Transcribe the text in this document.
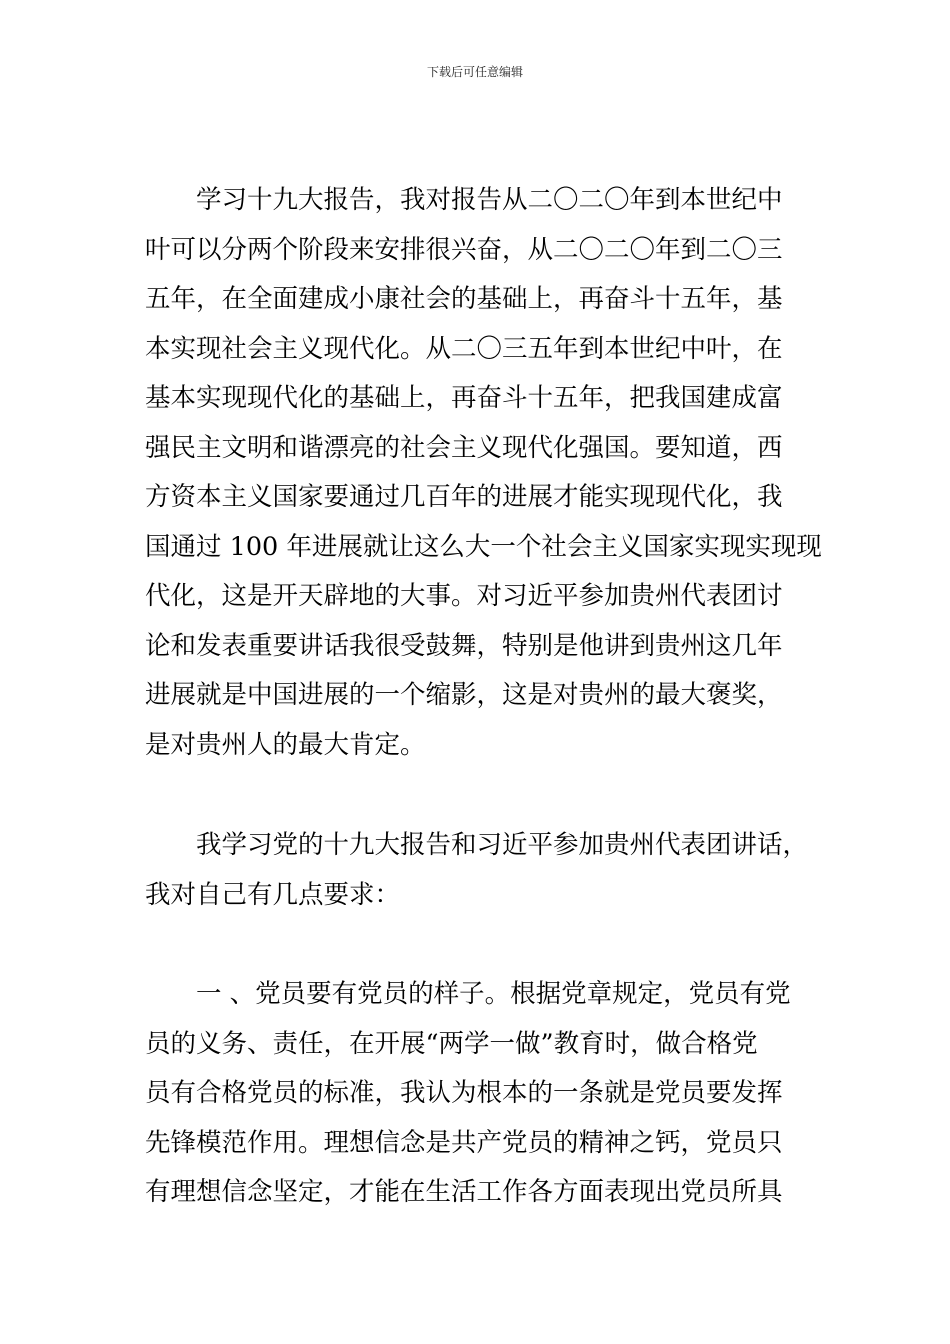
下载后可任意编辑
学习十九大报告，我对报告从二〇二〇年到本世纪中
叶可以分两个阶段来安排很兴奋，从二〇二〇年到二〇三
五年，在全面建成小康社会的基础上，再奋斗十五年，基
本实现社会主义现代化。从二〇三五年到本世纪中叶，在
基本实现现代化的基础上，再奋斗十五年，把我国建成富
强民主文明和谐漂亮的社会主义现代化强国。要知道，西
方资本主义国家要通过几百年的进展才能实现现代化，我
国通过 100 年进展就让这么大一个社会主义国家实现实现现
代化，这是开天辟地的大事。对习近平参加贵州代表团讨
论和发表重要讲话我很受鼓舞，特别是他讲到贵州这几年
进展就是中国进展的一个缩影，这是对贵州的最大褒奖，
是对贵州人的最大肯定。
我学习党的十九大报告和习近平参加贵州代表团讲话，
我对自己有几点要求：
一 、党员要有党员的样子。根据党章规定，党员有党
员的义务、责任，在开展“两学一做”教育时，做合格党
员有合格党员的标准，我认为根本的一条就是党员要发挥
先锋模范作用。理想信念是共产党员的精神之钙，党员只
有理想信念坚定，才能在生活工作各方面表现出党员所具
